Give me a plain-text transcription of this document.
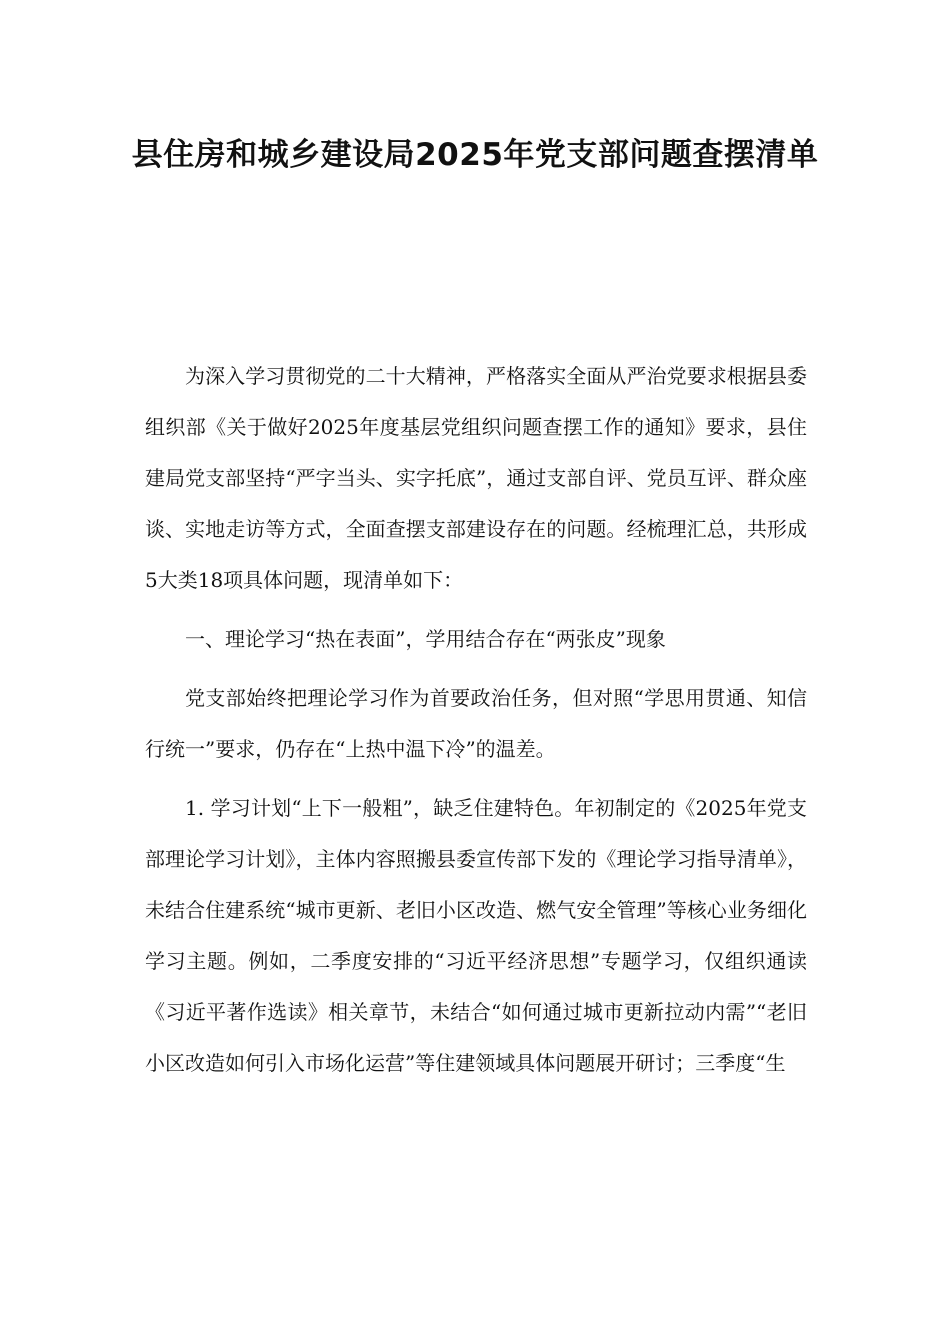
县住房和城乡建设局2025年党支部问题查摆清单

为深入学习贯彻党的二十大精神，严格落实全面从严治党要求根据县委组织部《关于做好2025年度基层党组织问题查摆工作的通知》要求，县住建局党支部坚持“严字当头、实字托底”，通过支部自评、党员互评、群众座谈、实地走访等方式，全面查摆支部建设存在的问题。经梳理汇总，共形成5大类18项具体问题，现清单如下：

一、理论学习“热在表面”，学用结合存在“两张皮”现象

党支部始终把理论学习作为首要政治任务，但对照“学思用贯通、知信行统一”要求，仍存在“上热中温下冷”的温差。

1. 学习计划“上下一般粗”，缺乏住建特色。年初制定的《2025年党支部理论学习计划》，主体内容照搬县委宣传部下发的《理论学习指导清单》，未结合住建系统“城市更新、老旧小区改造、燃气安全管理”等核心业务细化学习主题。例如，二季度安排的“习近平经济思想”专题学习，仅组织通读《习近平著作选读》相关章节，未结合“如何通过城市更新拉动内需”“老旧小区改造如何引入市场化运营”等住建领域具体问题展开研讨；三季度“生
